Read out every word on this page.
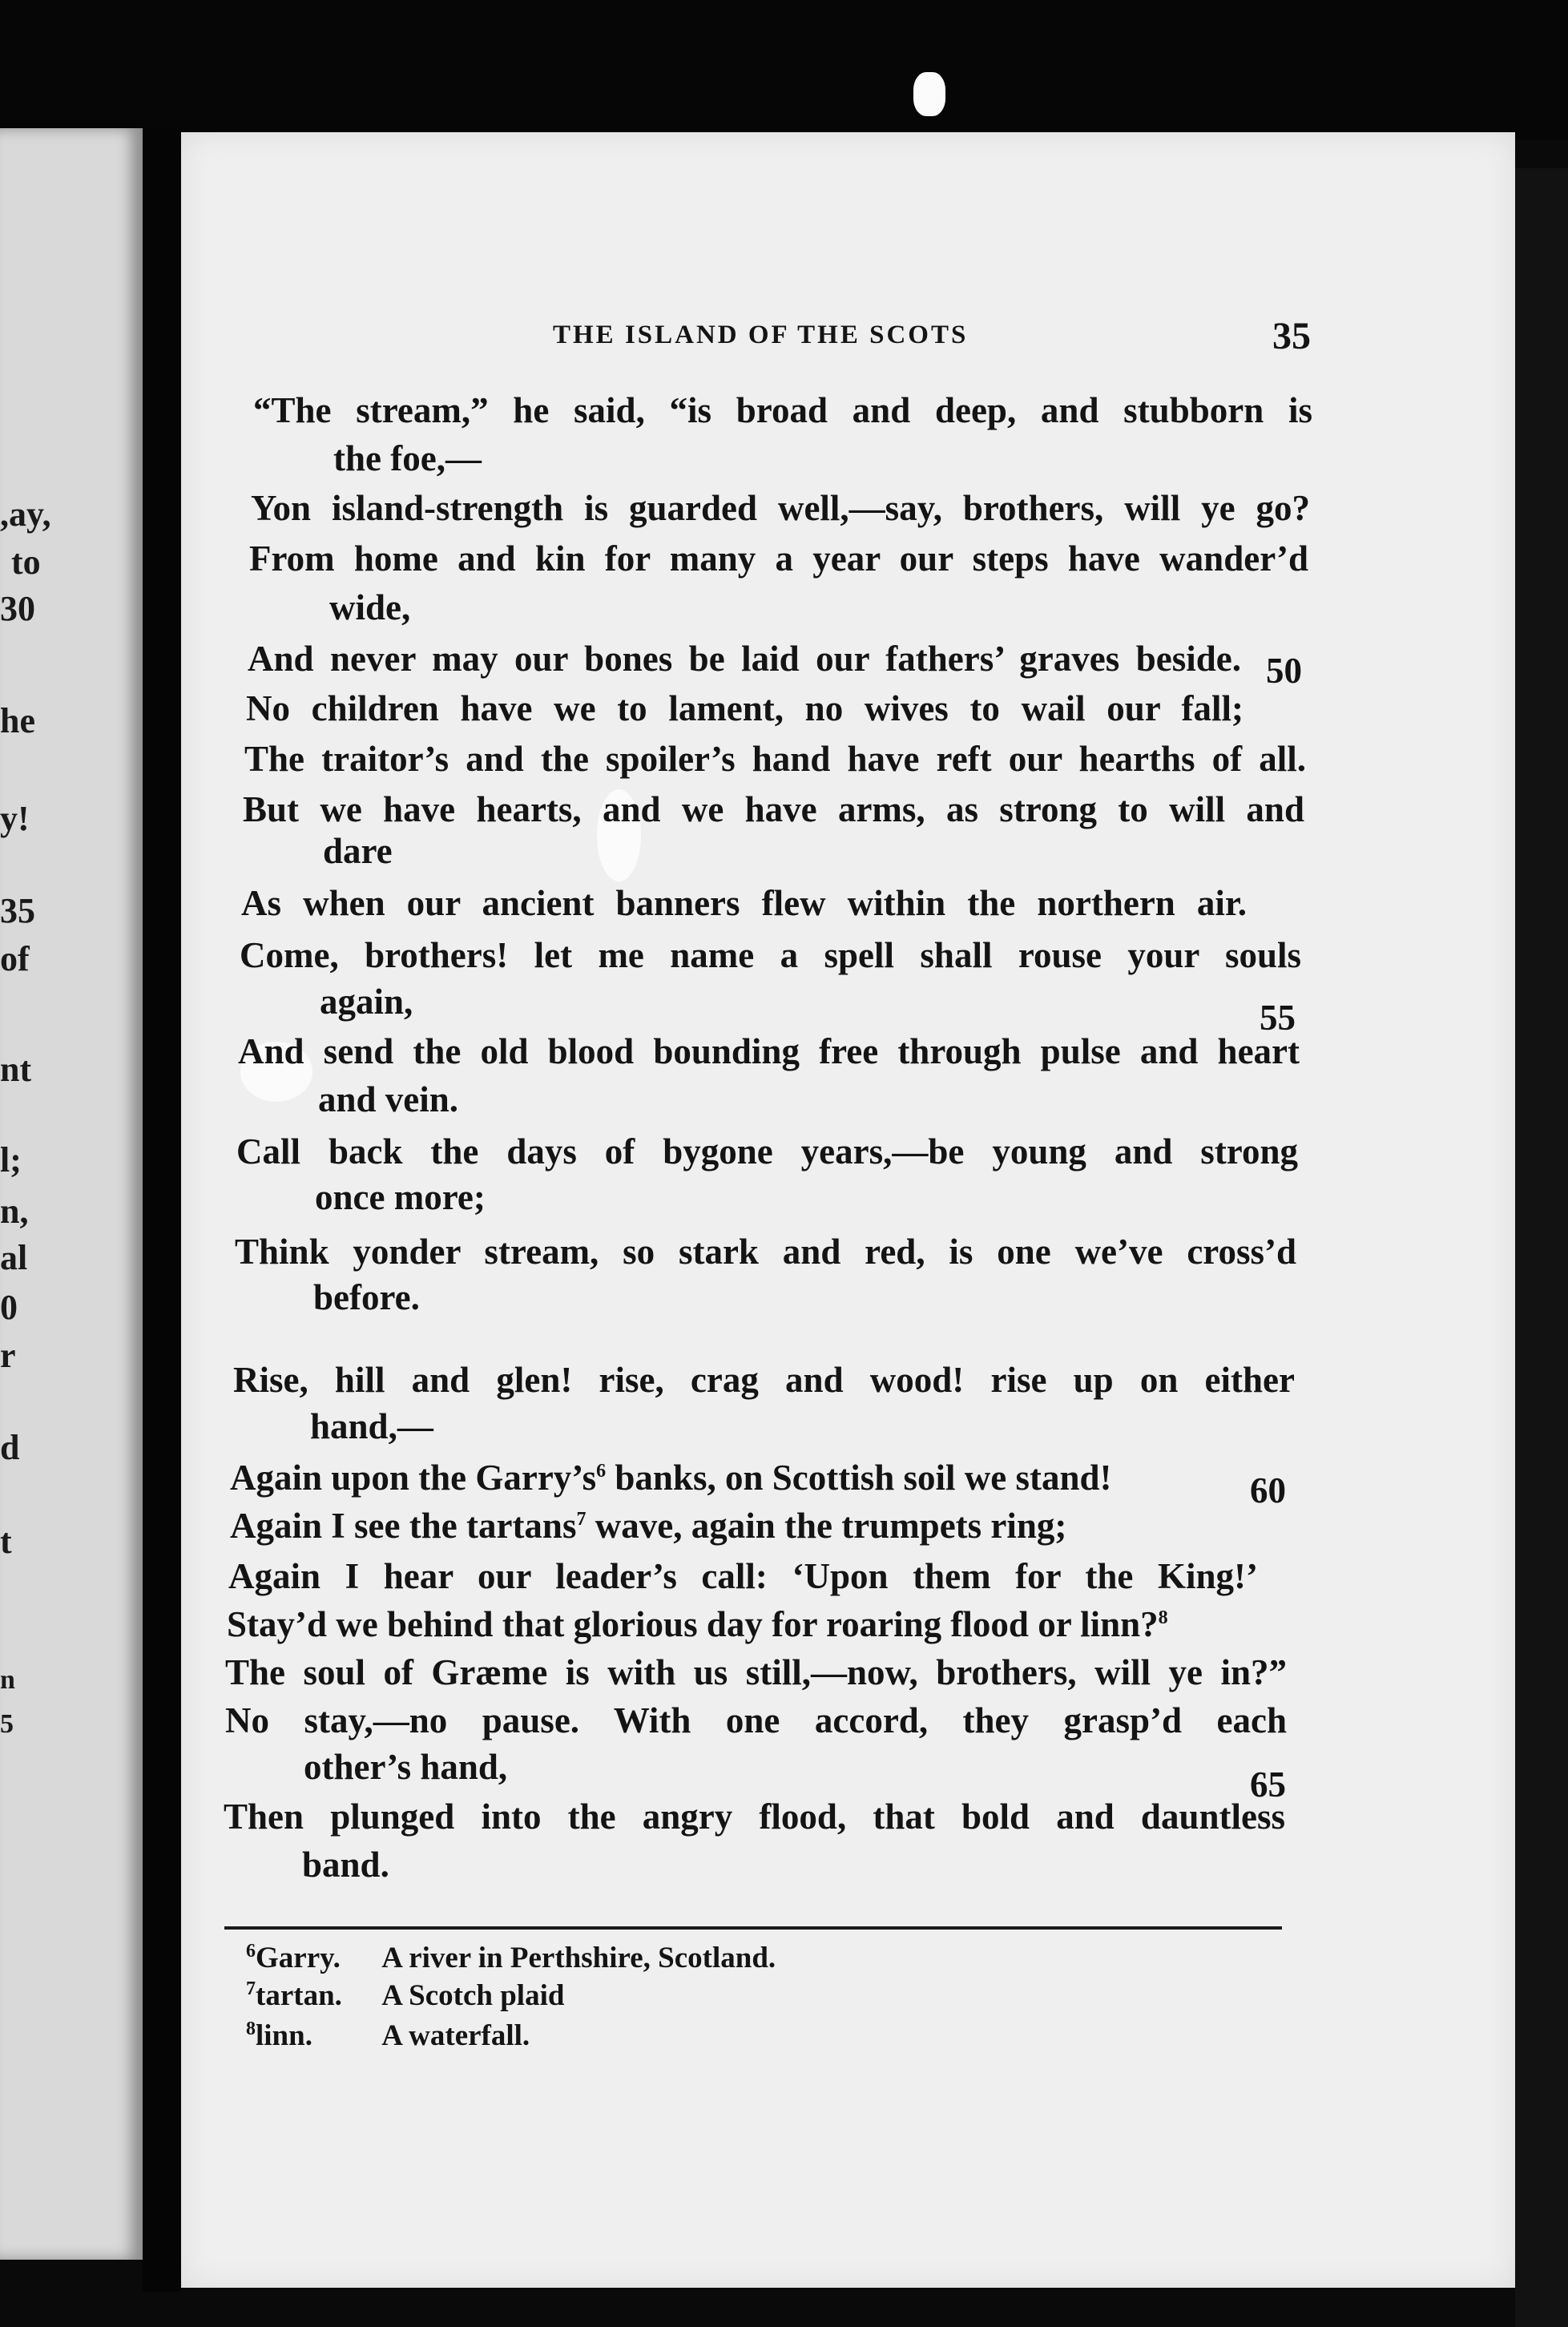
,ay,
to
30
he
y!
35
of
nt
l;
n,
al
0
r
d
t
n
5
THE ISLAND OF THE SCOTS	35
“The stream,” he said, “is broad and deep, and stubborn is
the foe,—
Yon island-strength is guarded well,—say, brothers, will ye go?
From home and kin for many a year our steps have wander’d
wide,
And never may our bones be laid our fathers’ graves beside. 50
No children have we to lament, no wives to wail our fall;
The traitor’s and the spoiler’s hand have reft our hearths of all.
But we have hearts, and we have arms, as strong to will and
dare
As when our ancient banners flew within the northern air.
Come, brothers! let me name a spell shall rouse your souls
again,	55
And send the old blood bounding free through pulse and heart
and vein.
Call back the days of bygone years,—be young and strong
once more;
Think yonder stream, so stark and red, is one we’ve cross’d
before.
Rise, hill and glen! rise, crag and wood! rise up on either
hand,—
Again upon the $Garry’s^6$ banks, on Scottish soil we stand!	60
Again I see the tartans$^7$ wave, again the trumpets ring;
Again I hear our leader’s call: ‘Upon them for the King!’
Stay’d we behind that glorious day for roaring flood or linn?$^8$
The soul of Græme is with us still,—now, brothers, will ye in?”
No stay,—no pause. With one accord, they grasp’d each
other’s hand,	65
Then plunged into the angry flood, that bold and dauntless
band.
$^6$Garry. A river in Perthshire, Scotland.
$^7$tartan. A Scotch plaid
$^8$linn. A waterfall.
